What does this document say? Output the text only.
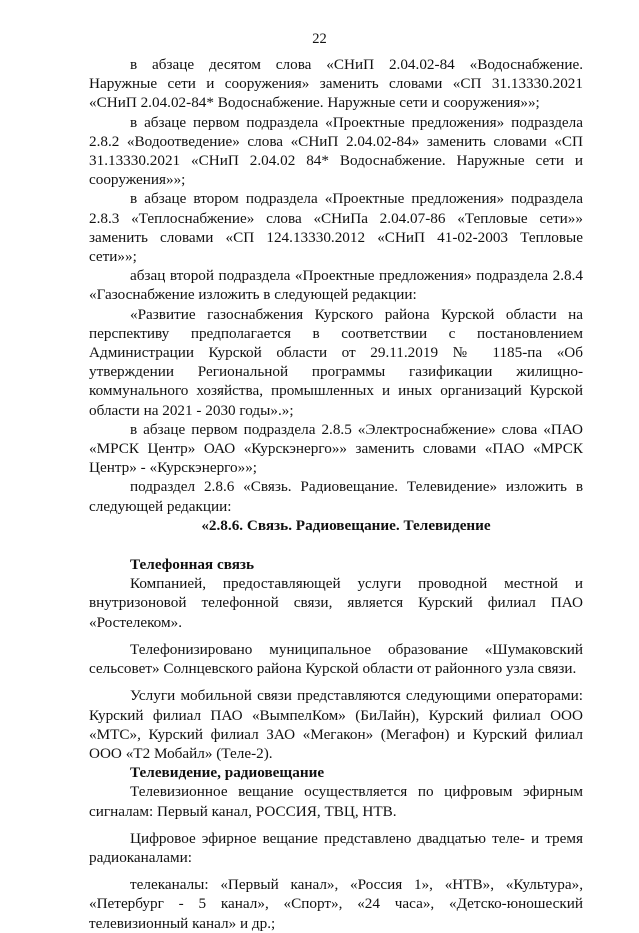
22

в абзаце десятом слова «СНиП 2.04.02-84 «Водоснабжение. Наружные сети и сооружения» заменить словами «СП 31.13330.2021 «СНиП 2.04.02-84* Водоснабжение. Наружные сети и сооружения»»;

в абзаце первом подраздела «Проектные предложения» подраздела 2.8.2 «Водоотведение» слова «СНиП 2.04.02-84» заменить словами «СП 31.13330.2021 «СНиП 2.04.02 84* Водоснабжение. Наружные сети и сооружения»»;

в абзаце втором подраздела «Проектные предложения» подраздела 2.8.3 «Теплоснабжение» слова «СНиПа 2.04.07-86 «Тепловые сети»» заменить словами «СП 124.13330.2012 «СНиП 41-02-2003 Тепловые сети»»;

абзац второй подраздела «Проектные предложения» подраздела 2.8.4 «Газоснабжение изложить в следующей редакции:

«Развитие газоснабжения Курского района Курской области на перспективу предполагается в соответствии с постановлением Администрации Курской области от 29.11.2019 № 1185-па «Об утверждении Региональной программы газификации жилищно-коммунального хозяйства, промышленных и иных организаций Курской области на 2021 - 2030 годы».»;

в абзаце первом подраздела 2.8.5 «Электроснабжение» слова «ПАО «МРСК Центр» ОАО «Курскэнерго»» заменить словами «ПАО «МРСК Центр» - «Курскэнерго»»;

подраздел 2.8.6 «Связь. Радиовещание. Телевидение» изложить в следующей редакции:

«2.8.6. Связь. Радиовещание. Телевидение

Телефонная связь

Компанией, предоставляющей услуги проводной местной и внутризоновой телефонной связи, является Курский филиал ПАО «Ростелеком».

Телефонизировано муниципальное образование «Шумаковский сельсовет» Солнцевского района Курской области от районного узла связи.

Услуги мобильной связи представляются следующими операторами: Курский филиал ПАО «ВымпелКом» (БиЛайн), Курский филиал ООО «МТС», Курский филиал ЗАО «Мегакон» (Мегафон) и Курский филиал ООО «Т2 Мобайл» (Теле-2).

Телевидение, радиовещание

Телевизионное вещание осуществляется по цифровым эфирным сигналам: Первый канал, РОССИЯ, ТВЦ, НТВ.

Цифровое эфирное вещание представлено двадцатью теле- и тремя радиоканалами:

телеканалы: «Первый канал», «Россия 1», «НТВ», «Культура», «Петербург - 5 канал», «Спорт», «24 часа», «Детско-юношеский телевизионный канал» и др.;
